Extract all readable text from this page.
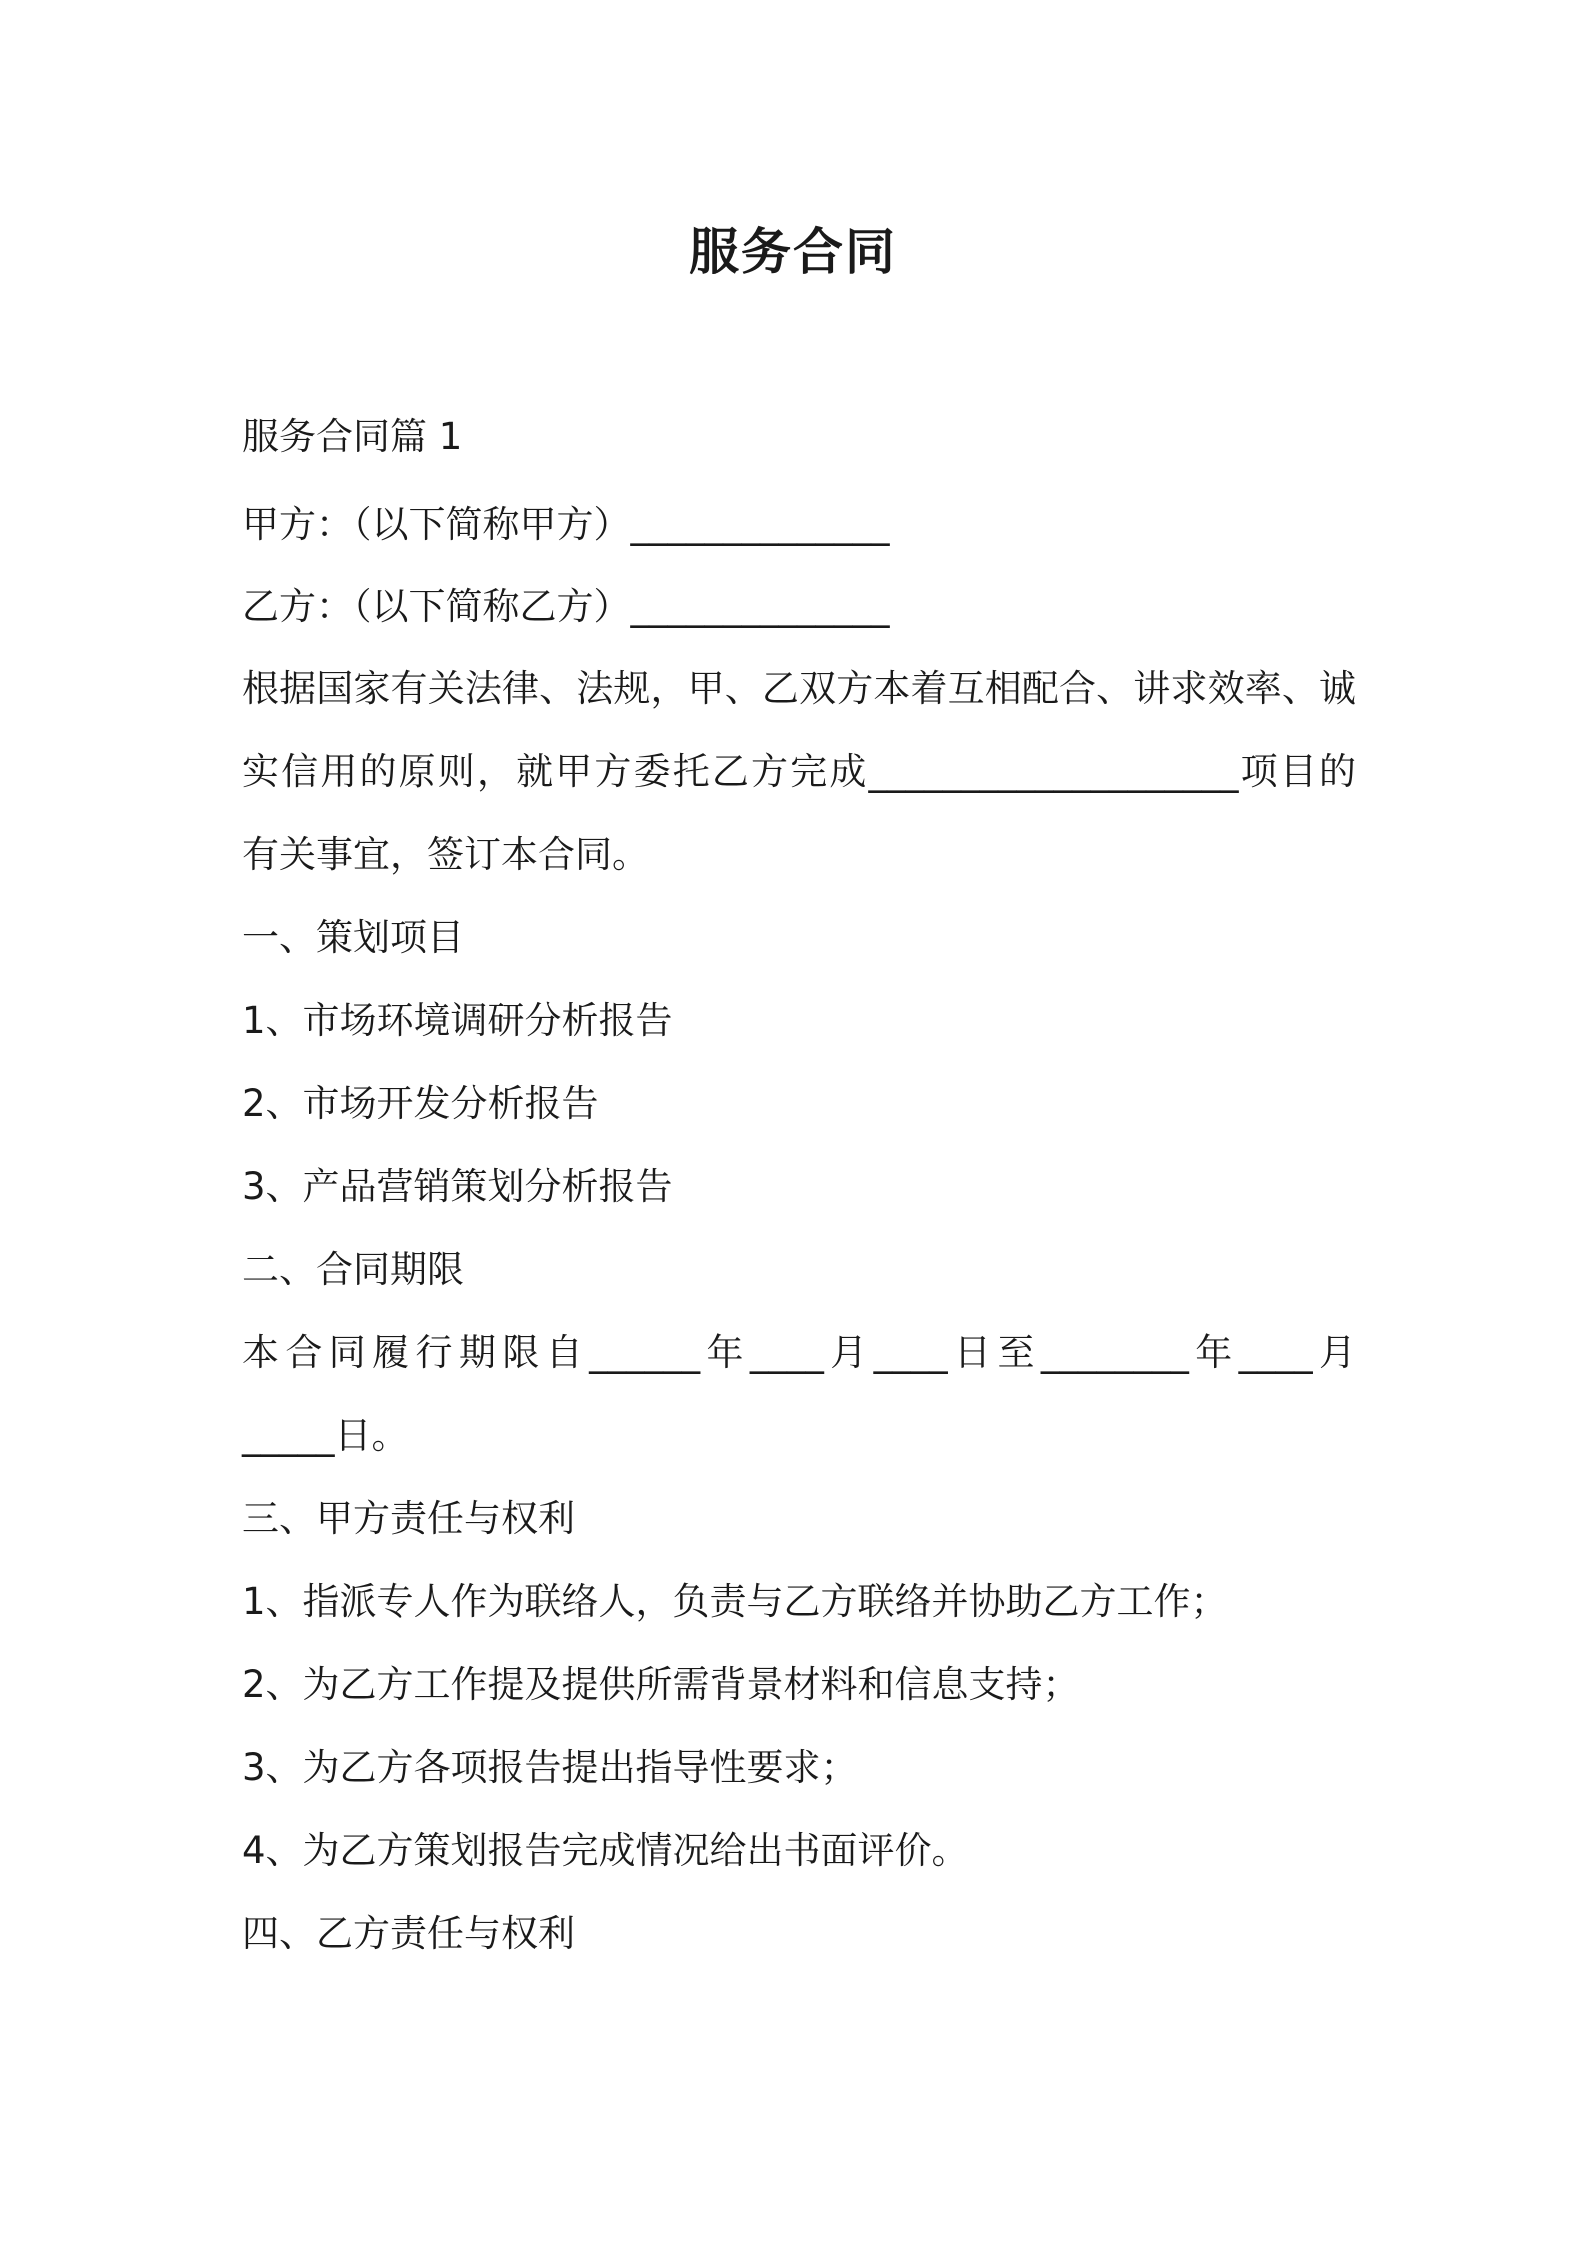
服务合同

服务合同篇 1

甲方：（以下简称甲方）______________

乙方：（以下简称乙方）______________

根据国家有关法律、法规，甲、乙双方本着互相配合、讲求效率、诚

实信用的原则，就甲方委托乙方完成____________________项目的

有关事宜，签订本合同。

一、策划项目

1、市场环境调研分析报告

2、市场开发分析报告

3、产品营销策划分析报告

二、合同期限

本合同履行期限自______年____月____日至________年____月

_____日。

三、甲方责任与权利

1、指派专人作为联络人，负责与乙方联络并协助乙方工作；

2、为乙方工作提及提供所需背景材料和信息支持；

3、为乙方各项报告提出指导性要求；

4、为乙方策划报告完成情况给出书面评价。

四、乙方责任与权利
